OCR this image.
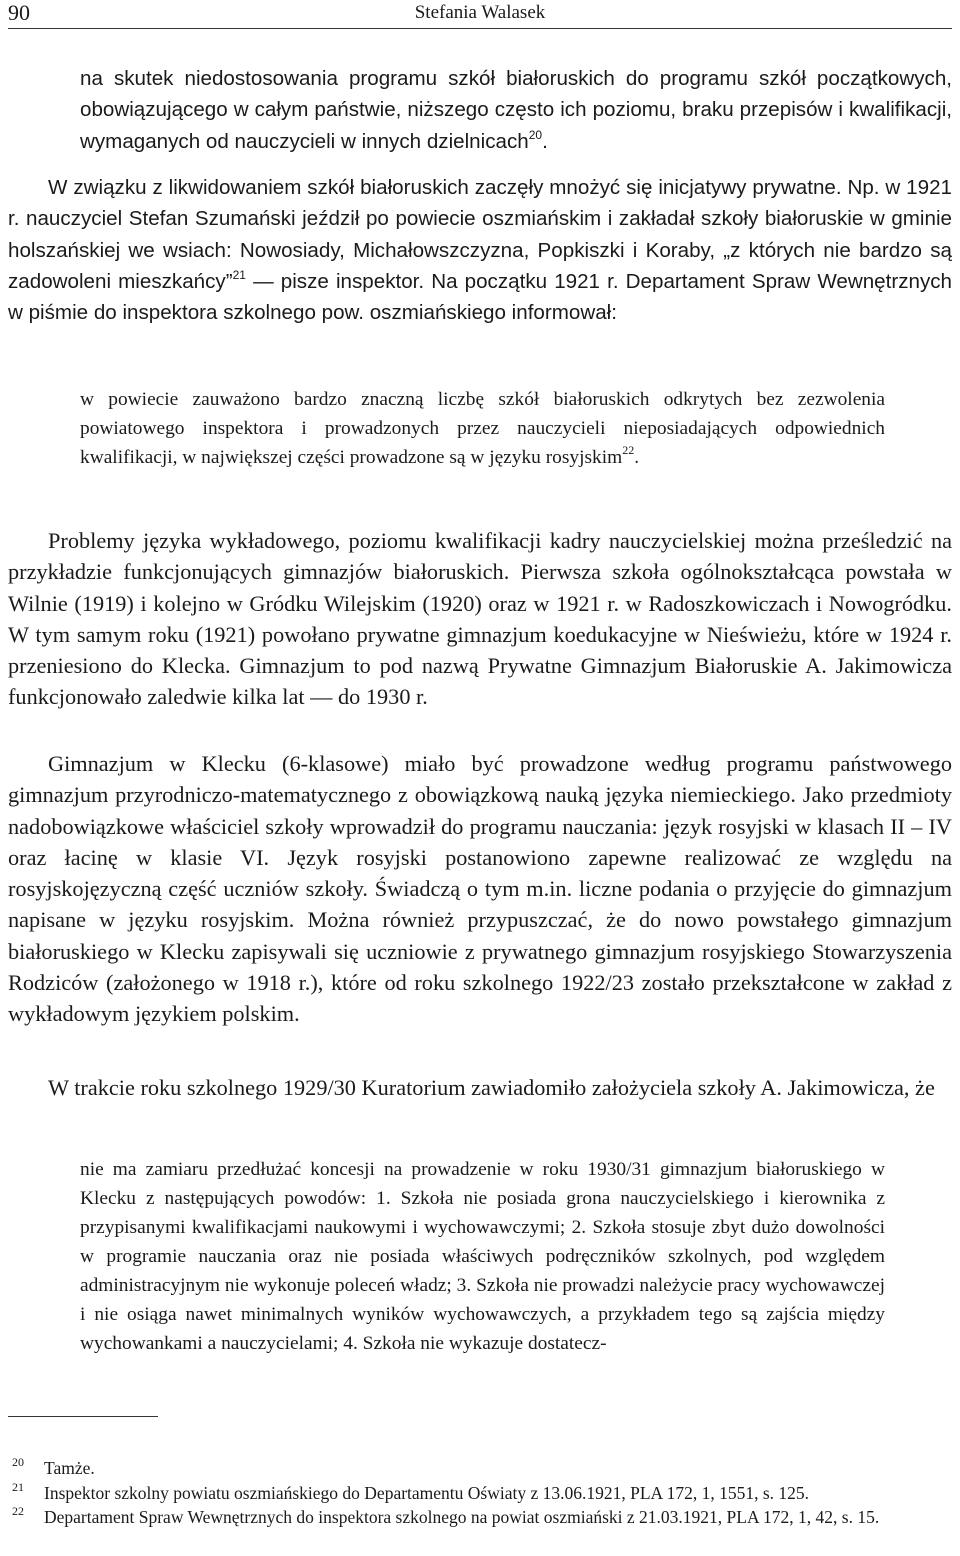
90	Stefania Walasek

na skutek niedostosowania programu szkół białoruskich do programu szkół początkowych, obowiązującego w całym państwie, niższego często ich poziomu, braku przepisów i kwalifikacji, wymaganych od nauczycieli w innych dzielnicach$^{20}$.

W związku z likwidowaniem szkół białoruskich zaczęły mnożyć się inicjatywy prywatne. Np. w 1921 r. nauczyciel Stefan Szumański jeździł po powiecie oszmiańskim i zakładał szkoły białoruskie w gminie holszańskiej we wsiach: Nowosiady, Michałowszczyzna, Popkiszki i Koraby, „z których nie bardzo są zadowoleni mieszkańcy”$^{21}$ — pisze inspektor. Na początku 1921 r. Departament Spraw Wewnętrznych w piśmie do inspektora szkolnego pow. oszmiańskiego informował:

w powiecie zauważono bardzo znaczną liczbę szkół białoruskich odkrytych bez zezwolenia powiatowego inspektora i prowadzonych przez nauczycieli nieposiadających odpowiednich kwalifikacji, w największej części prowadzone są w języku rosyjskim$^{22}$.

Problemy języka wykładowego, poziomu kwalifikacji kadry nauczycielskiej można prześledzić na przykładzie funkcjonujących gimnazjów białoruskich. Pierwsza szkoła ogólnokształcąca powstała w Wilnie (1919) i kolejno w Gródku Wilejskim (1920) oraz w 1921 r. w Radoszkowiczach i Nowogródku. W tym samym roku (1921) powołano prywatne gimnazjum koedukacyjne w Nieświeżu, które w 1924 r. przeniesiono do Klecka. Gimnazjum to pod nazwą Prywatne Gimnazjum Białoruskie A. Jakimowicza funkcjonowało zaledwie kilka lat — do 1930 r.

Gimnazjum w Klecku (6-klasowe) miało być prowadzone według programu państwowego gimnazjum przyrodniczo-matematycznego z obowiązkową nauką języka niemieckiego. Jako przedmioty nadobowiązkowe właściciel szkoły wprowadził do programu nauczania: język rosyjski w klasach II – IV oraz łacinę w klasie VI. Język rosyjski postanowiono zapewne realizować ze względu na rosyjskojęzyczną część uczniów szkoły. Świadczą o tym m.in. liczne podania o przyjęcie do gimnazjum napisane w języku rosyjskim. Można również przypuszczać, że do nowo powstałego gimnazjum białoruskiego w Klecku zapisywali się uczniowie z prywatnego gimnazjum rosyjskiego Stowarzyszenia Rodziców (założonego w 1918 r.), które od roku szkolnego 1922/23 zostało przekształcone w zakład z wykładowym językiem polskim.

W trakcie roku szkolnego 1929/30 Kuratorium zawiadomiło założyciela szkoły A. Jakimowicza, że

nie ma zamiaru przedłużać koncesji na prowadzenie w roku 1930/31 gimnazjum białoruskiego w Klecku z następujących powodów: 1. Szkoła nie posiada grona nauczycielskiego i kierownika z przypisanymi kwalifikacjami naukowymi i wychowawczymi; 2. Szkoła stosuje zbyt dużo dowolności w programie nauczania oraz nie posiada właściwych podręczników szkolnych, pod względem administracyjnym nie wykonuje poleceń władz; 3. Szkoła nie prowadzi należycie pracy wychowawczej i nie osiąga nawet minimalnych wyników wychowawczych, a przykładem tego są zajścia między wychowankami a nauczycielami; 4. Szkoła nie wykazuje dostatecz-

20 Tamże.
21 Inspektor szkolny powiatu oszmiańskiego do Departamentu Oświaty z 13.06.1921, PLA 172, 1, 1551, s. 125.
22 Departament Spraw Wewnętrznych do inspektora szkolnego na powiat oszmiański z 21.03.1921, PLA 172, 1, 42, s. 15.
